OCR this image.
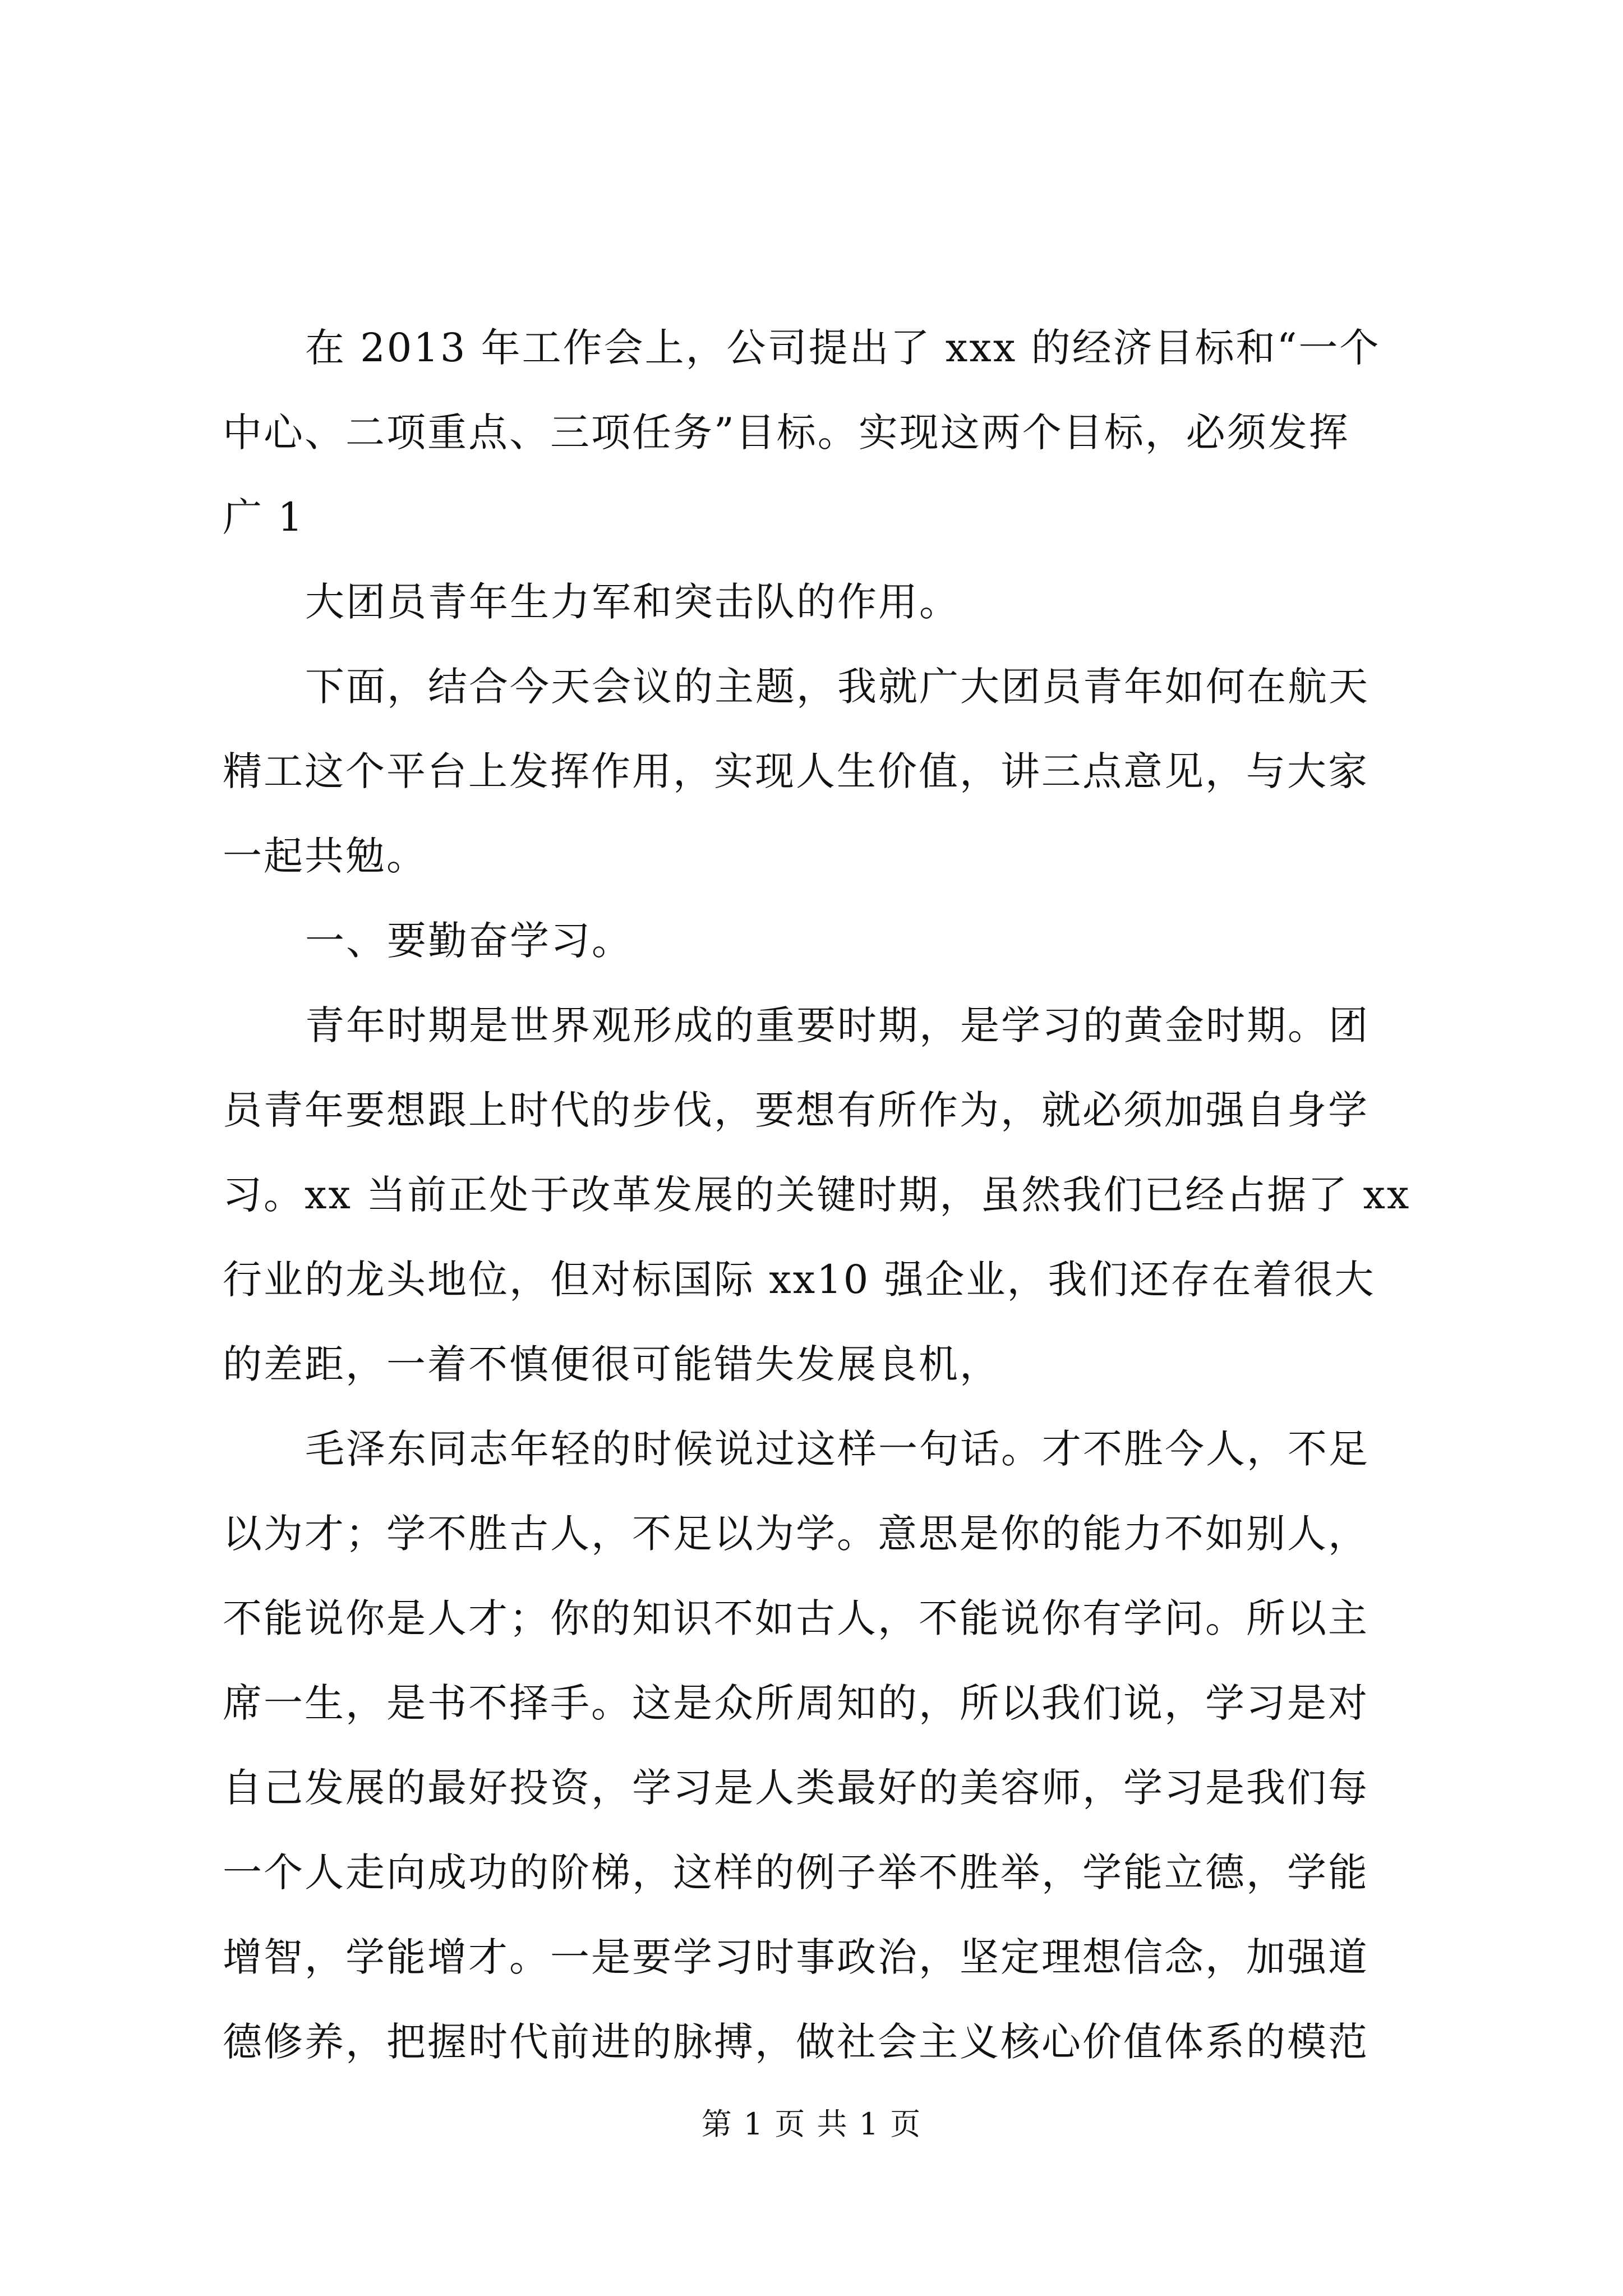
在 2013 年工作会上，公司提出了 xxx 的经济目标和“一个
中心、二项重点、三项任务”目标。实现这两个目标，必须发挥
广 1
大团员青年生力军和突击队的作用。
下面，结合今天会议的主题，我就广大团员青年如何在航天
精工这个平台上发挥作用，实现人生价值，讲三点意见，与大家
一起共勉。
一、要勤奋学习。
青年时期是世界观形成的重要时期，是学习的黄金时期。团
员青年要想跟上时代的步伐，要想有所作为，就必须加强自身学
习。xx 当前正处于改革发展的关键时期，虽然我们已经占据了 xx
行业的龙头地位，但对标国际 xx10 强企业，我们还存在着很大
的差距，一着不慎便很可能错失发展良机，
毛泽东同志年轻的时候说过这样一句话。才不胜今人，不足
以为才；学不胜古人，不足以为学。意思是你的能力不如别人，
不能说你是人才；你的知识不如古人，不能说你有学问。所以主
席一生，是书不择手。这是众所周知的，所以我们说，学习是对
自己发展的最好投资，学习是人类最好的美容师，学习是我们每
一个人走向成功的阶梯，这样的例子举不胜举，学能立德，学能
增智，学能增才。一是要学习时事政治，坚定理想信念，加强道
德修养，把握时代前进的脉搏，做社会主义核心价值体系的模范
第 1 页 共 1 页
